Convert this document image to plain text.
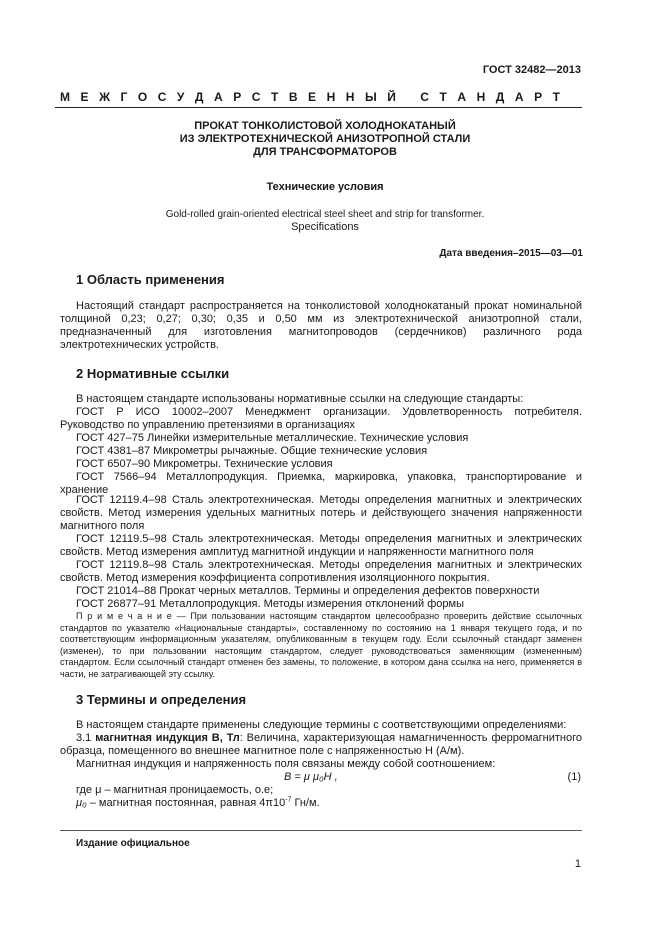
ГОСТ 32482—2013
М Е Ж Г О С У Д А Р С Т В Е Н Н Ы Й
С Т А Н Д А Р Т
ПРОКАТ ТОНКОЛИСТОВОЙ ХОЛОДНОКАТАНЫЙ
ИЗ ЭЛЕКТРОТЕХНИЧЕСКОЙ АНИЗОТРОПНОЙ СТАЛИ
ДЛЯ ТРАНСФОРМАТОРОВ
Технические условия
Gold-rolled grain-oriented electrical steel sheet and strip for transformer.
Specifications
Дата введения–2015—03—01
1 Область применения
Настоящий стандарт распространяется на тонколистовой холоднокатаный прокат номинальной толщиной 0,23; 0,27; 0,30; 0,35 и 0,50 мм из электротехнической анизотропной стали, предназначенный для изготовления магнитопроводов (сердечников) различного рода электротехнических устройств.
2 Нормативные ссылки
В настоящем стандарте использованы нормативные ссылки на следующие стандарты:
ГОСТ Р ИСО 10002–2007 Менеджмент организации. Удовлетворенность потребителя. Руководство по управлению претензиями в организациях
ГОСТ 427–75 Линейки измерительные металлические. Технические условия
ГОСТ 4381–87 Микрометры рычажные. Общие технические условия
ГОСТ 6507–90 Микрометры. Технические условия
ГОСТ 7566–94 Металлопродукция. Приемка, маркировка, упаковка, транспортирование и хранение
ГОСТ 12119.4–98 Сталь электротехническая. Методы определения магнитных и электрических свойств. Метод измерения удельных магнитных потерь и действующего значения напряженности магнитного поля
ГОСТ 12119.5–98 Сталь электротехническая. Методы определения магнитных и электрических свойств. Метод измерения амплитуд магнитной индукции и напряженности магнитного поля
ГОСТ 12119.8–98 Сталь электротехническая. Методы определения магнитных и электрических свойств. Метод измерения коэффициента сопротивления изоляционного покрытия.
ГОСТ 21014–88 Прокат черных металлов. Термины и определения дефектов поверхности
ГОСТ 26877–91 Металлопродукция. Методы измерения отклонений формы
П р и м е ч а н и е — При пользовании настоящим стандартом целесообразно проверить действие ссылочных стандартов по указателю «Национальные стандарты», составленному по состоянию на 1 января текущего года, и по соответствующим информационным указателям, опубликованным в текущем году. Если ссылочный стандарт заменен (изменен), то при пользовании настоящим стандартом, следует руководствоваться заменяющим (измененным) стандартом. Если ссылочный стандарт отменен без замены, то положение, в котором дана ссылка на него, применяется в части, не затрагивающей эту ссылку.
3 Термины и определения
В настоящем стандарте применены следующие термины с соответствующими определениями:
3.1 магнитная индукция B, Тл: Величина, характеризующая намагниченность ферромагнитного образца, помещенного во внешнее магнитное поле с напряженностью H (А/м).
Магнитная индукция и напряженность поля связаны между собой соотношением:
B = μ μ₀H ,	(1)
где μ – магнитная проницаемость, о.е;
μ₀ – магнитная постоянная, равная $4\pi 10^{-7}$ Гн/м.
Издание официальное
1
